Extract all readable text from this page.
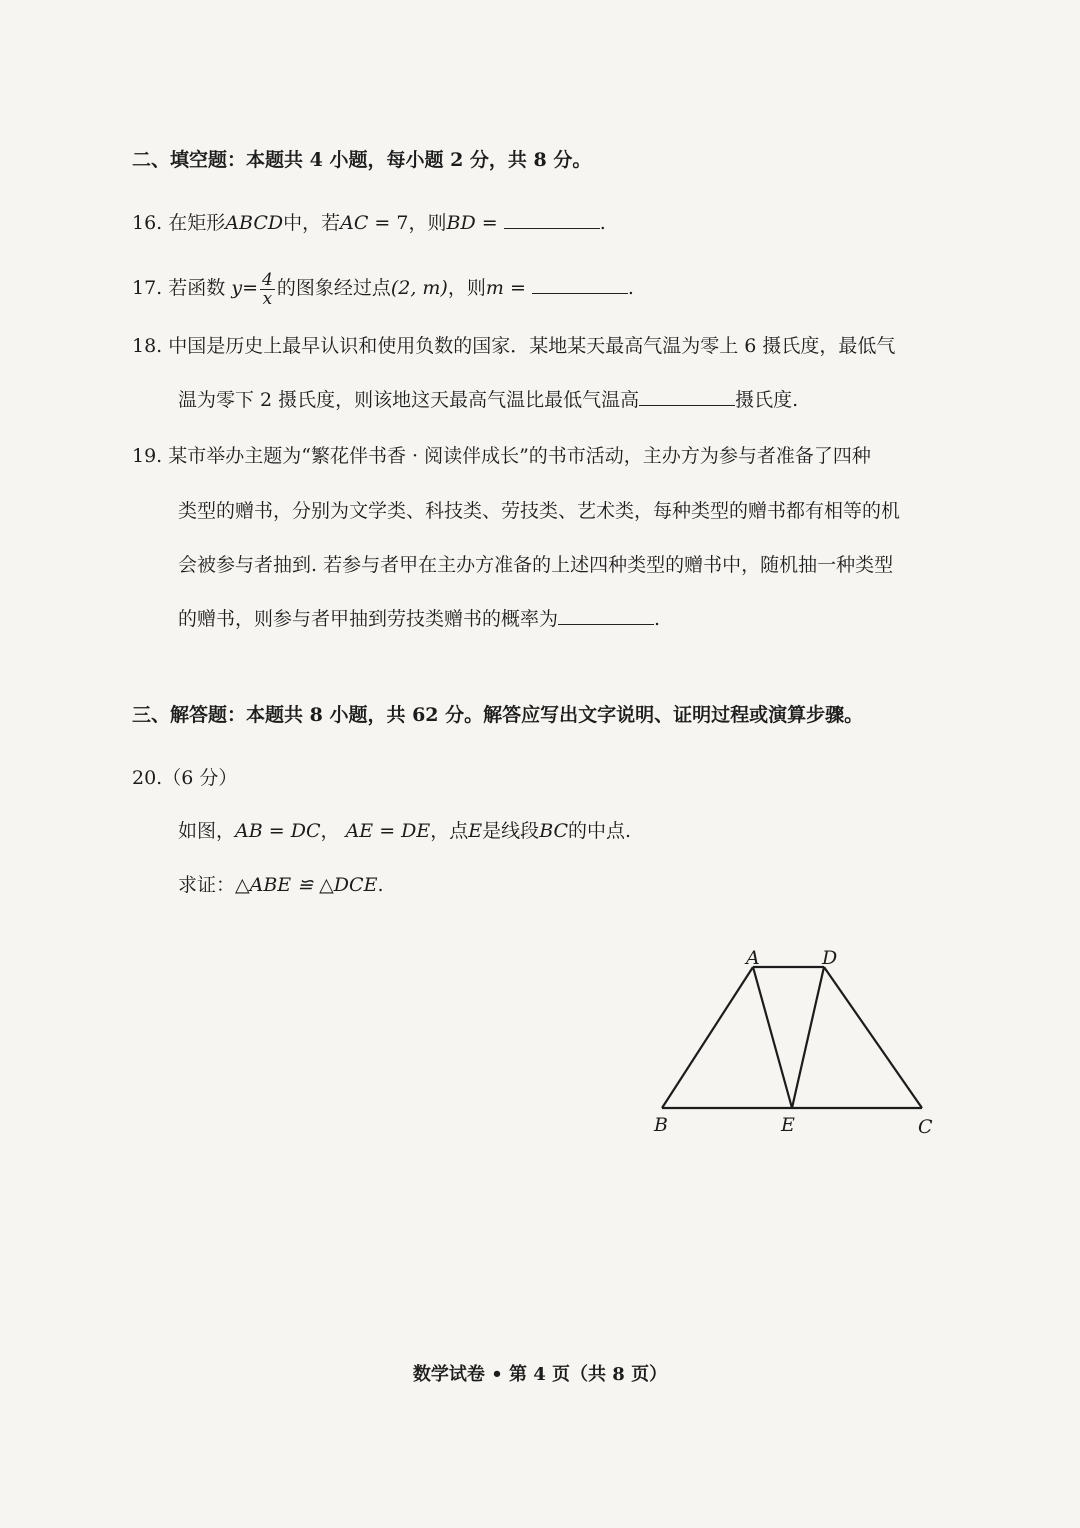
二、填空题：本题共 4 小题，每小题 2 分，共 8 分。
16. 在矩形ABCD中，若AC = 7，则BD =	.
17. 若函数 $y= \frac{4}{x}$ 的图象经过点(2, m)，则m =	.
18. 中国是历史上最早认识和使用负数的国家．某地某天最高气温为零上 6 摄氏度，最低气
温为零下 2 摄氏度，则该地这天最高气温比最低气温高	摄氏度.
19. 某市举办主题为“繁花伴书香 · 阅读伴成长”的书市活动，主办方为参与者准备了四种
类型的赠书，分别为文学类、科技类、劳技类、艺术类，每种类型的赠书都有相等的机
会被参与者抽到. 若参与者甲在主办方准备的上述四种类型的赠书中，随机抽一种类型
的赠书，则参与者甲抽到劳技类赠书的概率为	.
三、解答题：本题共 8 小题，共 62 分。解答应写出文字说明、证明过程或演算步骤。
20.（6 分）
如图，AB = DC， AE = DE，点E是线段BC的中点.
求证：△ABE ≌ △DCE.
A	D
B	E	C
数学试卷 • 第 4 页（共 8 页）
